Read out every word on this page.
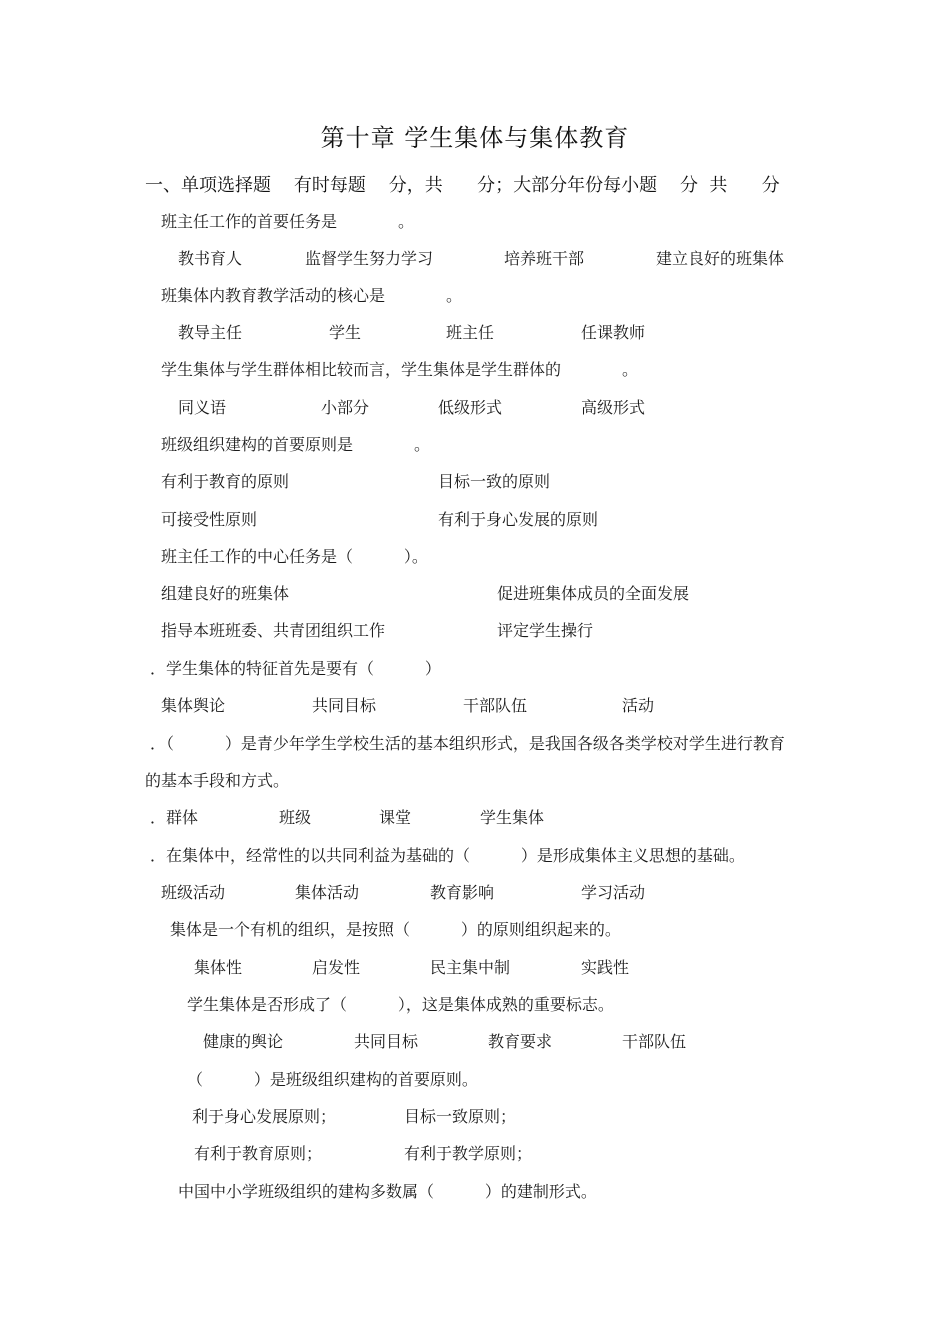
第十章 学生集体与集体教育
一、单项选择题    有时每题    分，共      分；大部分年份每小题    分  共      分
班主任工作的首要任务是            。
教书育人	监督学生努力学习	培养班干部	建立良好的班集体
班集体内教育教学活动的核心是            。
教导主任	学生	班主任	任课教师
学生集体与学生群体相比较而言，学生集体是学生群体的            。
同义语	小部分	低级形式	高级形式
班级组织建构的首要原则是            。
有利于教育的原则	目标一致的原则
可接受性原则	有利于身心发展的原则
班主任工作的中心任务是（          ）。
组建良好的班集体	促进班集体成员的全面发展
指导本班班委、共青团组织工作	评定学生操行
．学生集体的特征首先是要有（          ）
集体舆论	共同目标	干部队伍	活动
．（          ）是青少年学生学校生活的基本组织形式，是我国各级各类学校对学生进行教育
的基本手段和方式。
．群体	班级	课堂	学生集体
．在集体中，经常性的以共同利益为基础的（          ）是形成集体主义思想的基础。
班级活动	集体活动	教育影响	学习活动
集体是一个有机的组织，是按照（          ）的原则组织起来的。
集体性	启发性	民主集中制	实践性
学生集体是否形成了（          ），这是集体成熟的重要标志。
健康的舆论	共同目标	教育要求	干部队伍
（          ）是班级组织建构的首要原则。
利于身心发展原则；	目标一致原则；
有利于教育原则；	有利于教学原则；
中国中小学班级组织的建构多数属（          ）的建制形式。
